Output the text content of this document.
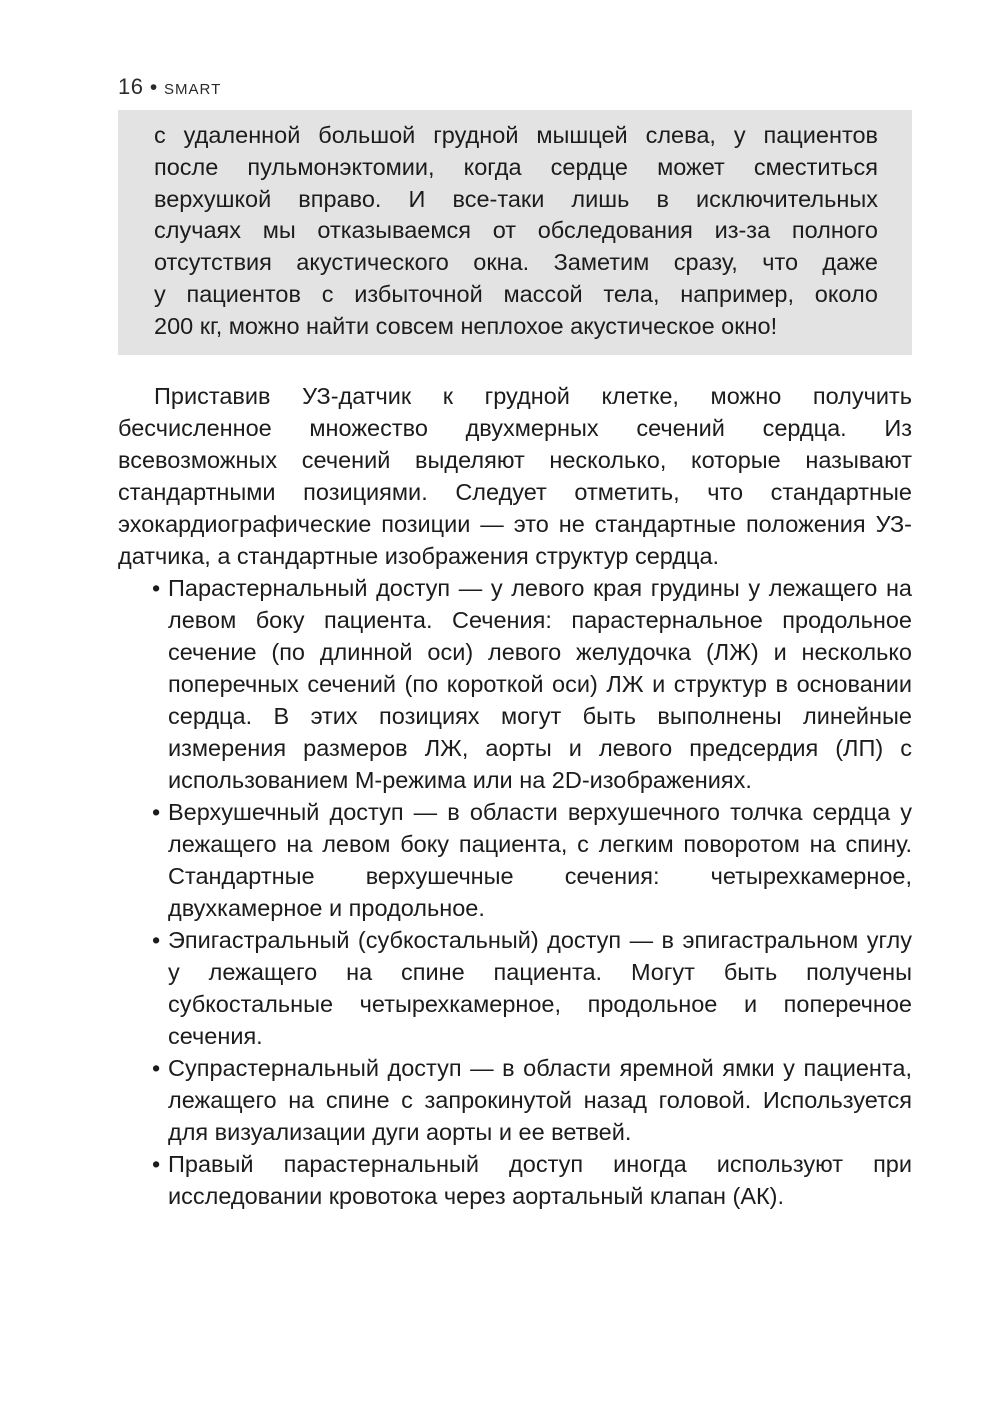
16 • SMART

с удаленной большой грудной мышцей слева, у пациентов

после пульмонэктомии, когда сердце может сместиться

верхушкой вправо. И все-таки лишь в исключительных

случаях мы отказываемся от обследования из-за полного

отсутствия акустического окна. Заметим сразу, что даже

у пациентов с избыточной массой тела, например, около

200 кг, можно найти совсем неплохое акустическое окно!

Приставив УЗ-датчик к грудной клетке, можно получить бесчисленное множество двухмерных сечений сердца. Из всевозможных сечений выделяют несколько, которые называют стандартными позициями. Следует отметить, что стандартные эхокардиографические позиции — это не стандартные положения УЗ-датчика, а стандартные изображения структур сердца.

• Парастернальный доступ — у левого края грудины у лежащего на левом боку пациента. Сечения: парастернальное продольное сечение (по длинной оси) левого желудочка (ЛЖ) и несколько поперечных сечений (по короткой оси) ЛЖ и структур в основании сердца. В этих позициях могут быть выполнены линейные измерения размеров ЛЖ, аорты и левого предсердия (ЛП) с использованием М-режима или на 2D-изображениях.
• Верхушечный доступ — в области верхушечного толчка сердца у лежащего на левом боку пациента, с легким поворотом на спину. Стандартные верхушечные сечения: четырехкамерное, двухкамерное и продольное.
• Эпигастральный (субкостальный) доступ — в эпигастральном углу у лежащего на спине пациента. Могут быть получены субкостальные четырехкамерное, продольное и поперечное сечения.
• Супрастернальный доступ — в области яремной ямки у пациента, лежащего на спине с запрокинутой назад головой. Используется для визуализации дуги аорты и ее ветвей.
• Правый парастернальный доступ иногда используют при исследовании кровотока через аортальный клапан (АК).
